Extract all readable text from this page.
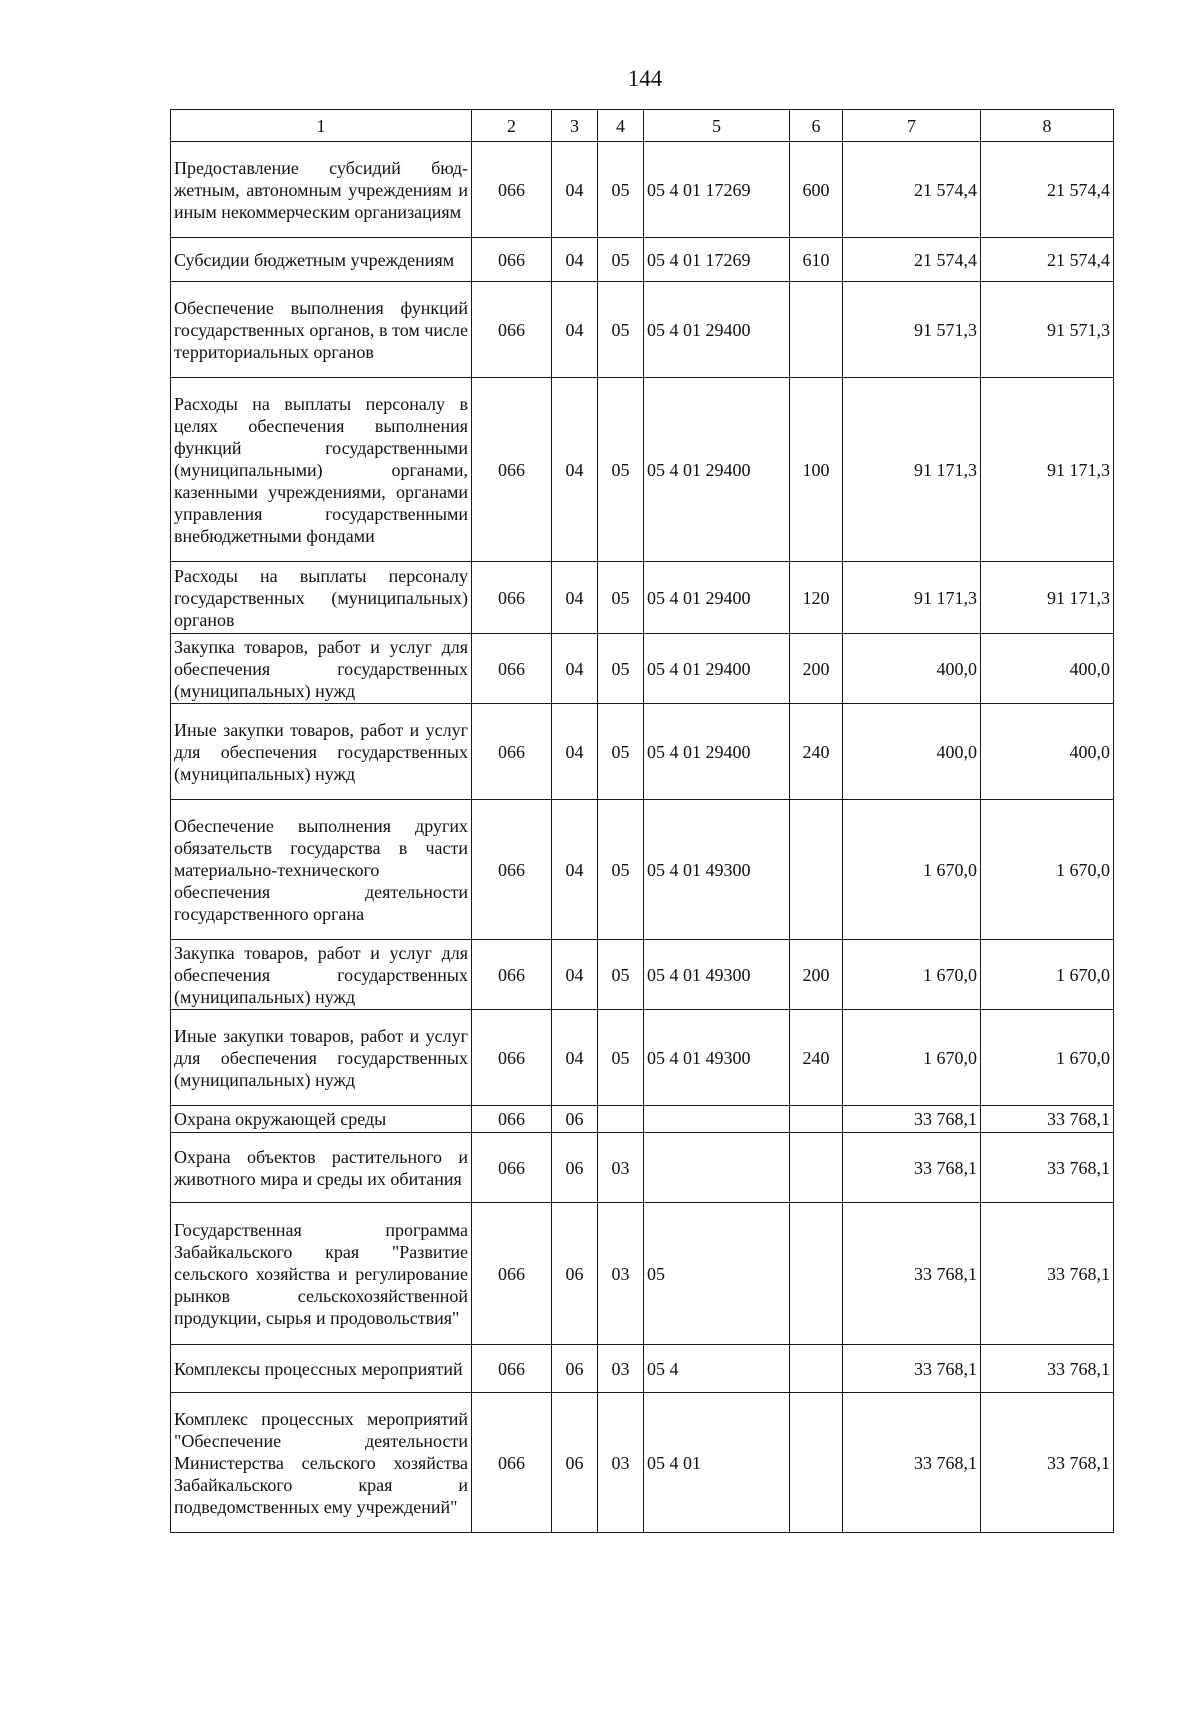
144
1	2	3	4	5	6	7	8
Предоставление субсидий бюджетным, автономным учреждениям и иным некоммерческим организациям	066	04	05	05 4 01 17269	600	21 574,4	21 574,4
Субсидии бюджетным учреждениям	066	04	05	05 4 01 17269	610	21 574,4	21 574,4
Обеспечение выполнения функций государственных органов, в том числе территориальных органов	066	04	05	05 4 01 29400		91 571,3	91 571,3
Расходы на выплаты персоналу в целях обеспечения выполнения функций государственными (муниципальными) органами, казенными учреждениями, органами управления государственными внебюджетными фондами	066	04	05	05 4 01 29400	100	91 171,3	91 171,3
Расходы на выплаты персоналу государственных (муниципальных) органов	066	04	05	05 4 01 29400	120	91 171,3	91 171,3
Закупка товаров, работ и услуг для обеспечения государственных (муниципальных) нужд	066	04	05	05 4 01 29400	200	400,0	400,0
Иные закупки товаров, работ и услуг для обеспечения государственных (муниципальных) нужд	066	04	05	05 4 01 29400	240	400,0	400,0
Обеспечение выполнения других обязательств государства в части материально-технического обеспечения деятельности государственного органа	066	04	05	05 4 01 49300		1 670,0	1 670,0
Закупка товаров, работ и услуг для обеспечения государственных (муниципальных) нужд	066	04	05	05 4 01 49300	200	1 670,0	1 670,0
Иные закупки товаров, работ и услуг для обеспечения государственных (муниципальных) нужд	066	04	05	05 4 01 49300	240	1 670,0	1 670,0
Охрана окружающей среды	066	06				33 768,1	33 768,1
Охрана объектов растительного и животного мира и среды их обитания	066	06	03			33 768,1	33 768,1
Государственная программа Забайкальского края "Развитие сельского хозяйства и регулирование рынков сельскохозяйственной продукции, сырья и продовольствия"	066	06	03	05		33 768,1	33 768,1
Комплексы процессных мероприятий	066	06	03	05 4		33 768,1	33 768,1
Комплекс процессных мероприятий "Обеспечение деятельности Министерства сельского хозяйства Забайкальского края и подведомственных ему учреждений"	066	06	03	05 4 01		33 768,1	33 768,1
